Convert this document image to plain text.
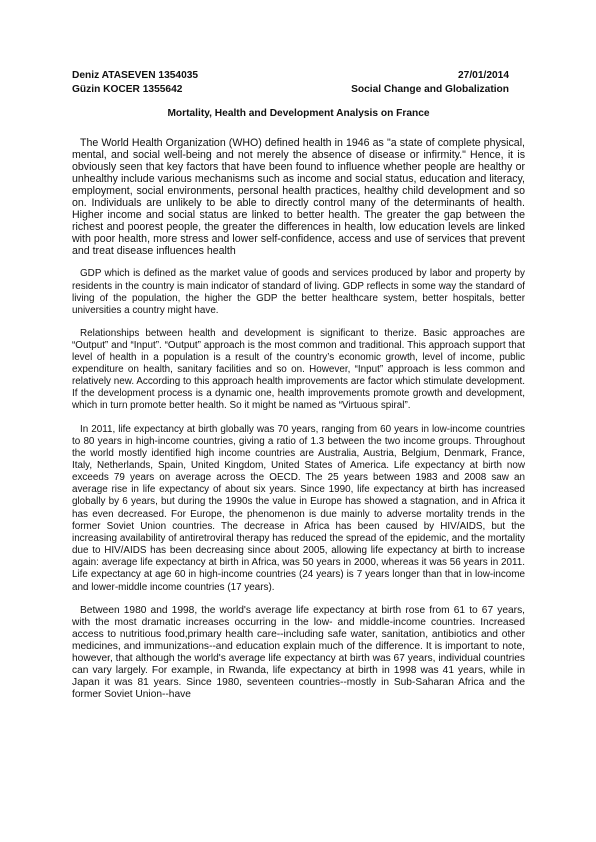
Deniz ATASEVEN 1354035	27/01/2014
Güzin KOCER 1355642	Social Change and Globalization
Mortality, Health and Development Analysis on France

The World Health Organization (WHO) defined health in 1946 as "a state of complete physical, mental, and social well-being and not merely the absence of disease or infirmity." Hence, it is obviously seen that key factors that have been found to influence whether people are healthy or unhealthy include various mechanisms such as income and social status, education and literacy, employment, social environments, personal health practices, healthy child development and so on. Individuals are unlikely to be able to directly control many of the determinants of health. Higher income and social status are linked to better health. The greater the gap between the richest and poorest people, the greater the differences in health, low education levels are linked with poor health, more stress and lower self-confidence, access and use of services that prevent and treat disease influences health

GDP which is defined as the market value of goods and services produced by labor and property by residents in the country is main indicator of standard of living. GDP reflects in some way the standard of living of the population, the higher the GDP the better healthcare system, better hospitals, better universities a country might have.

Relationships between health and development is significant to therize. Basic approaches are “Output” and “Input”. “Output” approach is the most common and traditional. This approach support that level of health in a population is a result of the country’s economic growth, level of income, public expenditure on health, sanitary facilities and so on. However, “Input” approach is less common and relatively new. According to this approach health improvements are factor which stimulate development. If the development process is a dynamic one, health improvements promote growth and development, which in turn promote better health. So it might be named as “Virtuous spiral”.

In 2011, life expectancy at birth globally was 70 years, ranging from 60 years in low-income countries to 80 years in high-income countries, giving a ratio of 1.3 between the two income groups. Throughout the world mostly identified high income countries are Australia, Austria, Belgium, Denmark, France, Italy, Netherlands, Spain, United Kingdom, United States of America. Life expectancy at birth now exceeds 79 years on average across the OECD. The 25 years between 1983 and 2008 saw an average rise in life expectancy of about six years. Since 1990, life expectancy at birth has increased globally by 6 years, but during the 1990s the value in Europe has showed a stagnation, and in Africa it has even decreased. For Europe, the phenomenon is due mainly to adverse mortality trends in the former Soviet Union countries. The decrease in Africa has been caused by HIV/AIDS, but the increasing availability of antiretroviral therapy has reduced the spread of the epidemic, and the mortality due to HIV/AIDS has been decreasing since about 2005, allowing life expectancy at birth to increase again: average life expectancy at birth in Africa, was 50 years in 2000, whereas it was 56 years in 2011. Life expectancy at age 60 in high-income countries (24 years) is 7 years longer than that in low-income and lower-middle income countries (17 years).

Between 1980 and 1998, the world's average life expectancy at birth rose from 61 to 67 years, with the most dramatic increases occurring in the low- and middle-income countries. Increased access to nutritious food,primary health care--including safe water, sanitation, antibiotics and other medicines, and immunizations--and education explain much of the difference. It is important to note, however, that although the world's average life expectancy at birth was 67 years, individual countries can vary largely. For example, in Rwanda, life expectancy at birth in 1998 was 41 years, while in Japan it was 81 years. Since 1980, seventeen countries--mostly in Sub-Saharan Africa and the former Soviet Union--have
